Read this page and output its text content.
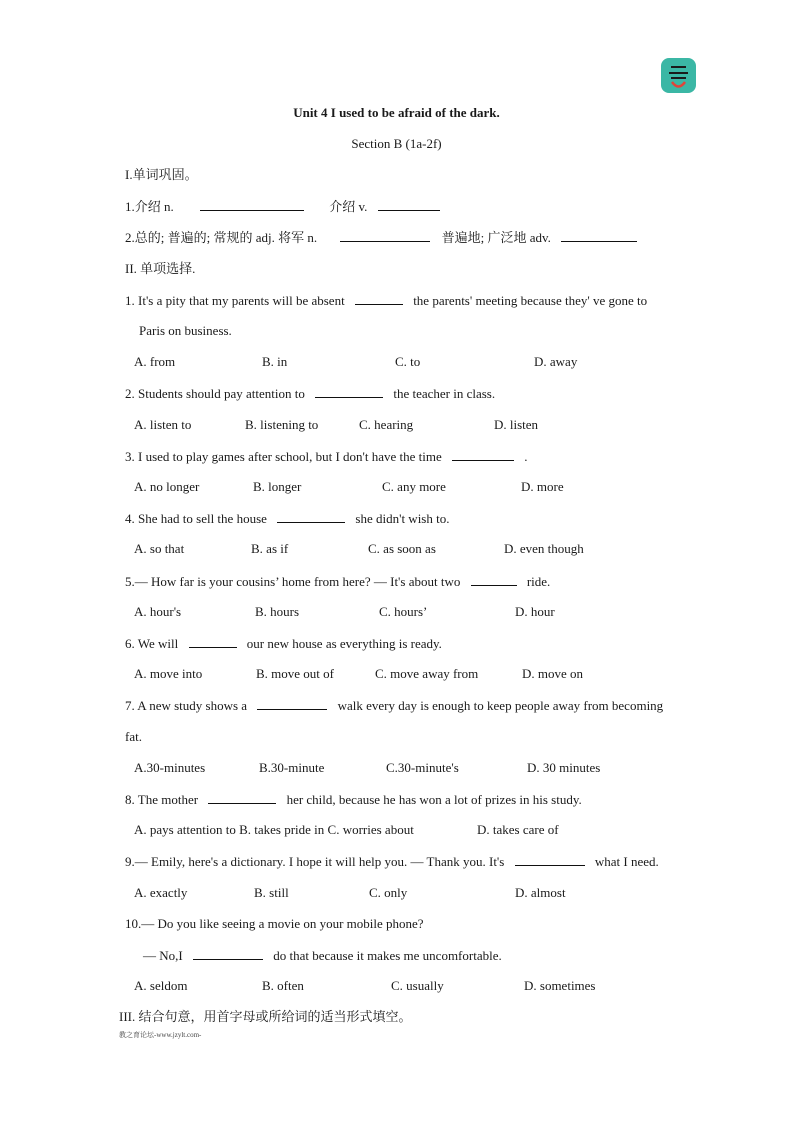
Unit 4 I used to be afraid of the dark.
Section B (1a-2f)
I.单词巩固。
1.介绍 n.	介绍 v.
2.总的; 普遍的; 常规的 adj. 将军 n.	普遍地; 广泛地 adv.
II. 单项选择.
1. It's a pity that my parents will be absent	the parents' meeting because they' ve gone to
Paris on business.
A. from	B. in	C. to	D. away
2. Students should pay attention to	the teacher in class.
A. listen to	B. listening to	C. hearing	D. listen
3. I used to play games after school, but I don't have the time	.
A. no longer	B. longer	C. any more	D. more
4. She had to sell the house	she didn't wish to.
A. so that	B. as if	C. as soon as	D. even though
5.— How far is your cousins’ home from here? — It's about two	ride.
A. hour's	B. hours	C. hours’	D. hour
6. We will	our new house as everything is ready.
A. move into	B. move out of	C. move away from	D. move on
7. A new study shows a	walk every day is enough to keep people away from becoming
fat.
A.30-minutes	B.30-minute	C.30-minute's	D. 30 minutes
8. The mother	her child, because he has won a lot of prizes in his study.
A. pays attention to B. takes pride in C. worries about	D. takes care of
9.— Emily, here's a dictionary. I hope it will help you. — Thank you. It's	what I need.
A. exactly	B. still	C. only	D. almost
10.— Do you like seeing a movie on your mobile phone?
— No,I	do that because it makes me uncomfortable.
A. seldom	B. often	C. usually	D. sometimes
III. 结合句意，用首字母或所给词的适当形式填空。
教之育论坛-www.jzylt.com-
